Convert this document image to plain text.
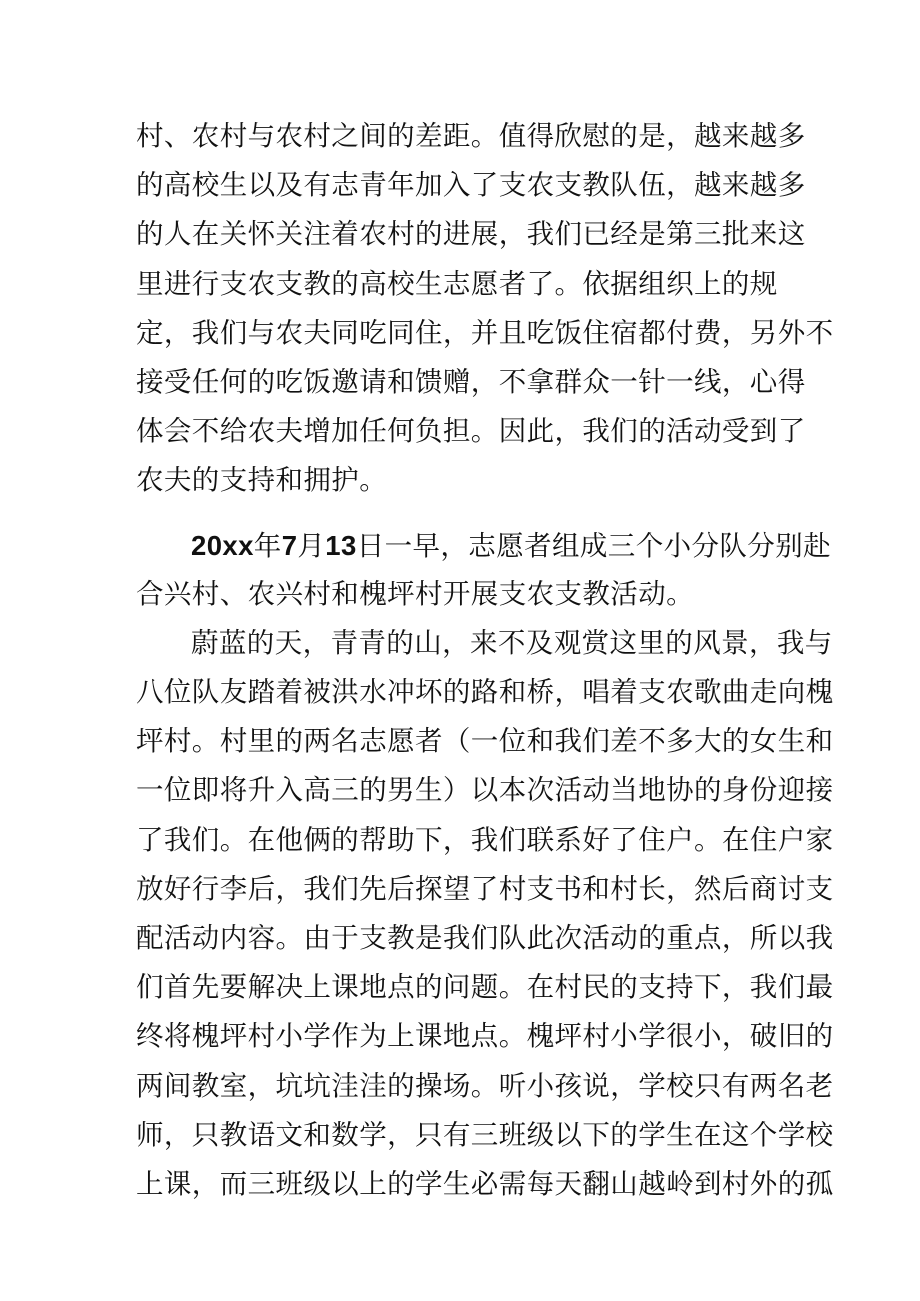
村、农村与农村之间的差距。值得欣慰的是，越来越多
的高校生以及有志青年加入了支农支教队伍，越来越多
的人在关怀关注着农村的进展，我们已经是第三批来这
里进行支农支教的高校生志愿者了。依据组织上的规
定，我们与农夫同吃同住，并且吃饭住宿都付费，另外不
接受任何的吃饭邀请和馈赠，不拿群众一针一线，心得
体会不给农夫增加任何负担。因此，我们的活动受到了
农夫的支持和拥护。
20xx年7月13日一早，志愿者组成三个小分队分别赴
合兴村、农兴村和槐坪村开展支农支教活动。
蔚蓝的天，青青的山，来不及观赏这里的风景，我与
八位队友踏着被洪水冲坏的路和桥，唱着支农歌曲走向槐
坪村。村里的两名志愿者（一位和我们差不多大的女生和
一位即将升入高三的男生）以本次活动当地协的身份迎接
了我们。在他俩的帮助下，我们联系好了住户。在住户家
放好行李后，我们先后探望了村支书和村长，然后商讨支
配活动内容。由于支教是我们队此次活动的重点，所以我
们首先要解决上课地点的问题。在村民的支持下，我们最
终将槐坪村小学作为上课地点。槐坪村小学很小，破旧的
两间教室，坑坑洼洼的操场。听小孩说，学校只有两名老
师，只教语文和数学，只有三班级以下的学生在这个学校
上课，而三班级以上的学生必需每天翻山越岭到村外的孤
